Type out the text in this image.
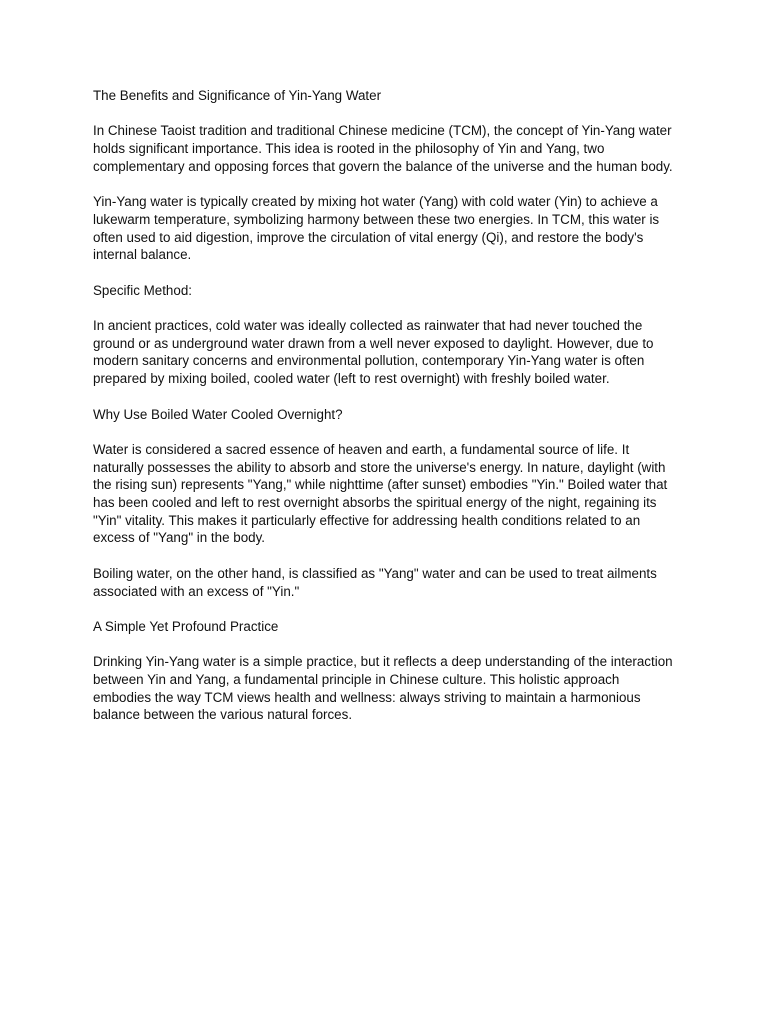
The Benefits and Significance of Yin-Yang Water

In Chinese Taoist tradition and traditional Chinese medicine (TCM), the concept of Yin-Yang water holds significant importance. This idea is rooted in the philosophy of Yin and Yang, two complementary and opposing forces that govern the balance of the universe and the human body.

Yin-Yang water is typically created by mixing hot water (Yang) with cold water (Yin) to achieve a lukewarm temperature, symbolizing harmony between these two energies. In TCM, this water is often used to aid digestion, improve the circulation of vital energy (Qi), and restore the body's internal balance.

Specific Method:

In ancient practices, cold water was ideally collected as rainwater that had never touched the ground or as underground water drawn from a well never exposed to daylight. However, due to modern sanitary concerns and environmental pollution, contemporary Yin-Yang water is often prepared by mixing boiled, cooled water (left to rest overnight) with freshly boiled water.

Why Use Boiled Water Cooled Overnight?

Water is considered a sacred essence of heaven and earth, a fundamental source of life. It naturally possesses the ability to absorb and store the universe's energy. In nature, daylight (with the rising sun) represents "Yang," while nighttime (after sunset) embodies "Yin." Boiled water that has been cooled and left to rest overnight absorbs the spiritual energy of the night, regaining its "Yin" vitality. This makes it particularly effective for addressing health conditions related to an excess of "Yang" in the body.

Boiling water, on the other hand, is classified as "Yang" water and can be used to treat ailments associated with an excess of "Yin."

A Simple Yet Profound Practice

Drinking Yin-Yang water is a simple practice, but it reflects a deep understanding of the interaction between Yin and Yang, a fundamental principle in Chinese culture. This holistic approach embodies the way TCM views health and wellness: always striving to maintain a harmonious balance between the various natural forces.
